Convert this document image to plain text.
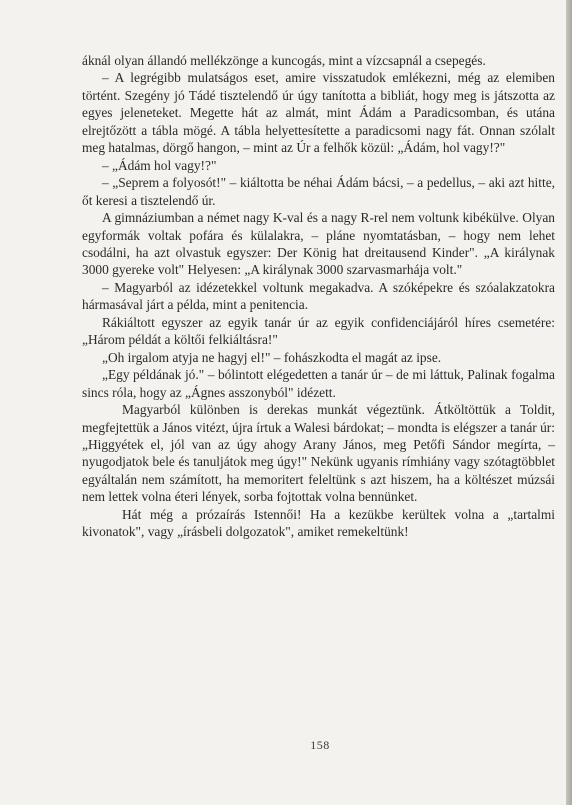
áknál olyan állandó mellékzönge a kuncogás, mint a vízcsapnál a csepegés.

– A legrégibb mulatságos eset, amire visszatudok emlékezni, még az elemiben történt. Szegény jó Tádé tisztelendő úr úgy tanította a bibliát, hogy meg is játszotta az egyes jeleneteket. Megette hát az almát, mint Ádám a Paradicsomban, és utána elrejtőzött a tábla mögé. A tábla helyettesítette a paradicsomi nagy fát. Onnan szólalt meg hatalmas, dörgő hangon, – mint az Úr a felhők közül: „Ádám, hol vagy!?"

– „Ádám hol vagy!?"

– „Seprem a folyosót!" – kiáltotta be néhai Ádám bácsi, – a pedellus, – aki azt hitte, őt keresi a tisztelendő úr.

A gimnáziumban a német nagy K-val és a nagy R-rel nem voltunk kibékülve. Olyan egyformák voltak pofára és külalakra, – pláne nyomtatásban, – hogy nem lehet csodálni, ha azt olvastuk egyszer: Der König hat dreitausend Kinder". „A királynak 3000 gyereke volt" Helyesen: „A királynak 3000 szarvasmarhája volt."

– Magyarból az idézetekkel voltunk megakadva. A szóképekre és szóalakzatokra hármasával járt a példa, mint a penitencia.

Rákiáltott egyszer az egyik tanár úr az egyik confidenciájáról híres csemetére: „Három példát a költői felkiáltásra!"

„Oh irgalom atyja ne hagyj el!" – fohászkodta el magát az ipse.

„Egy példának jó." – bólintott elégedetten a tanár úr – de mi láttuk, Palinak fogalma sincs róla, hogy az „Ágnes asszonyból" idézett.

Magyarból különben is derekas munkát végeztünk. Átköltöttük a Toldit, megfejtettük a János vitézt, újra írtuk a Walesi bárdokat; – mondta is elégszer a tanár úr: „Higgyétek el, jól van az úgy ahogy Arany János, meg Petőfi Sándor megírta, – nyugodjatok bele és tanuljátok meg úgy!" Nekünk ugyanis rímhiány vagy szótagtöbblet egyáltalán nem számított, ha memoritert feleltünk s azt hiszem, ha a költészet múzsái nem lettek volna éteri lények, sorba fojtottak volna bennünket.

Hát még a prózaírás Istennői! Ha a kezükbe kerültek volna a „tartalmi kivonatok", vagy „írásbeli dolgozatok", amiket remekeltünk!

158
